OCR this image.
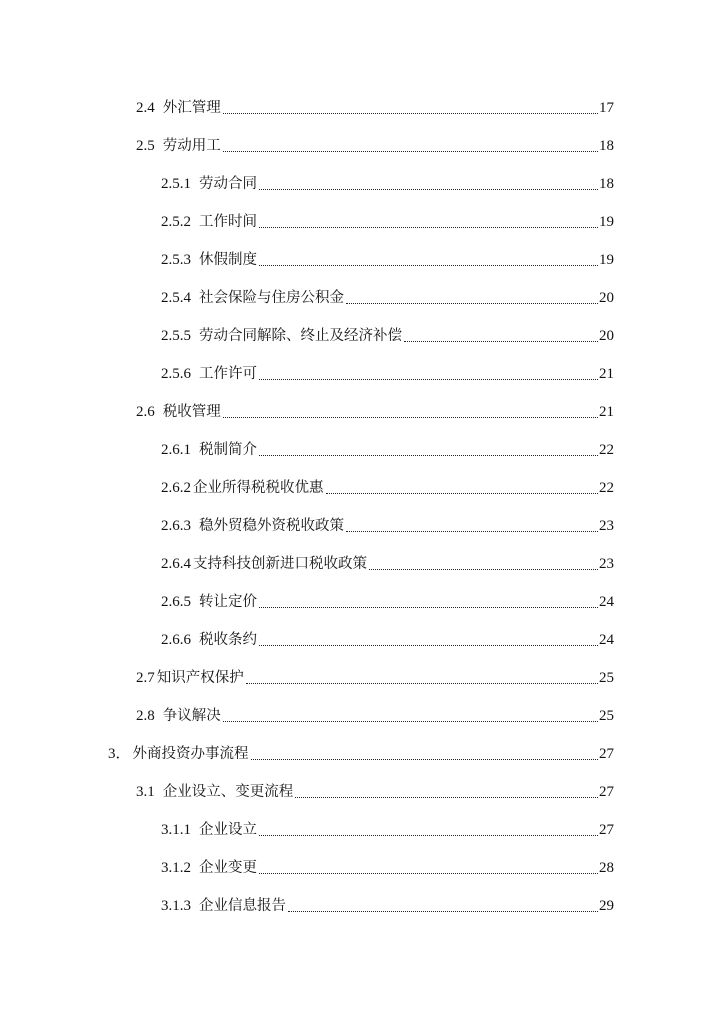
2.4 外汇管理	17
2.5 劳动用工	18
2.5.1 劳动合同	18
2.5.2 工作时间	19
2.5.3 休假制度	19
2.5.4 社会保险与住房公积金	20
2.5.5 劳动合同解除、终止及经济补偿	20
2.5.6 工作许可	21
2.6 税收管理	21
2.6.1 税制简介	22
2.6.2 企业所得税税收优惠	22
2.6.3 稳外贸稳外资税收政策	23
2.6.4 支持科技创新进口税收政策	23
2.6.5 转让定价	24
2.6.6 税收条约	24
2.7 知识产权保护	25
2.8 争议解决	25
3． 外商投资办事流程	27
3.1 企业设立、变更流程	27
3.1.1 企业设立	27
3.1.2 企业变更	28
3.1.3 企业信息报告	29
